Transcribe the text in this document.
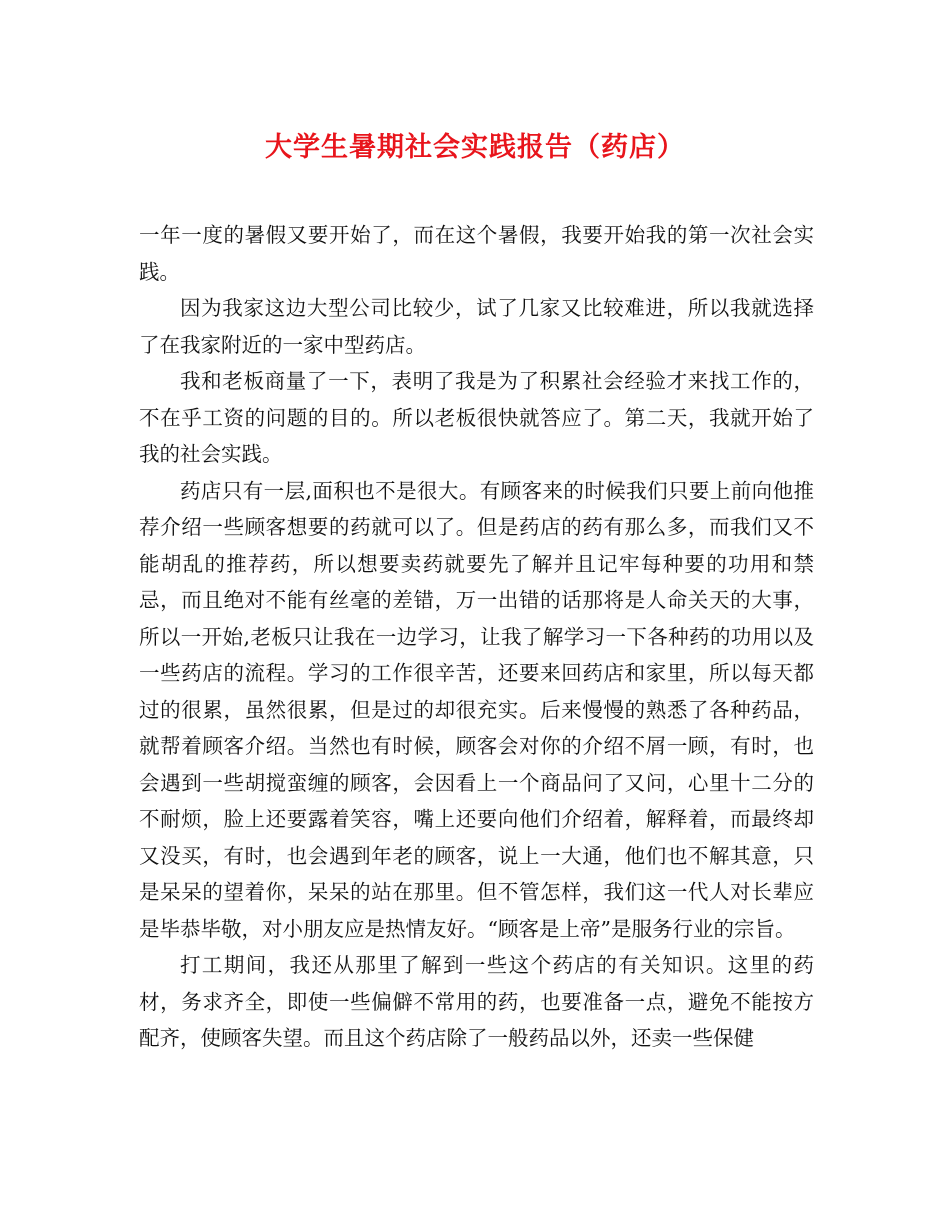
大学生暑期社会实践报告（药店）

一年一度的暑假又要开始了，而在这个暑假，我要开始我的第一次社会实践。

因为我家这边大型公司比较少，试了几家又比较难进，所以我就选择了在我家附近的一家中型药店。

我和老板商量了一下，表明了我是为了积累社会经验才来找工作的，不在乎工资的问题的目的。所以老板很快就答应了。第二天，我就开始了我的社会实践。

药店只有一层,面积也不是很大。有顾客来的时候我们只要上前向他推荐介绍一些顾客想要的药就可以了。但是药店的药有那么多，而我们又不能胡乱的推荐药，所以想要卖药就要先了解并且记牢每种要的功用和禁忌，而且绝对不能有丝毫的差错，万一出错的话那将是人命关天的大事，所以一开始,老板只让我在一边学习，让我了解学习一下各种药的功用以及一些药店的流程。学习的工作很辛苦，还要来回药店和家里，所以每天都过的很累，虽然很累，但是过的却很充实。后来慢慢的熟悉了各种药品，就帮着顾客介绍。当然也有时候，顾客会对你的介绍不屑一顾，有时，也会遇到一些胡搅蛮缠的顾客，会因看上一个商品问了又问，心里十二分的不耐烦，脸上还要露着笑容，嘴上还要向他们介绍着，解释着，而最终却又没买，有时，也会遇到年老的顾客，说上一大通，他们也不解其意，只是呆呆的望着你，呆呆的站在那里。但不管怎样，我们这一代人对长辈应是毕恭毕敬，对小朋友应是热情友好。“顾客是上帝”是服务行业的宗旨。

打工期间，我还从那里了解到一些这个药店的有关知识。这里的药材，务求齐全，即使一些偏僻不常用的药，也要准备一点，避免不能按方配齐，使顾客失望。而且这个药店除了一般药品以外，还卖一些保健
